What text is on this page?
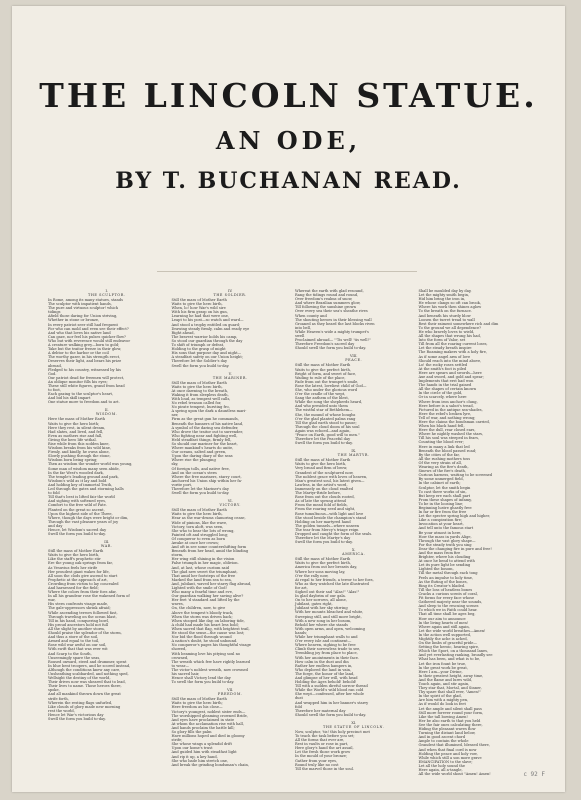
THE LINCOLN STATUE.
AN ODE,
BY T. BUCHANAN READ.
I.
THE SCULPTOR.
In Rome, among its many statues, stands
The sculptor with impatient hands,
The pure and virtuous sculptor! which
tidings
Afield those daring for Union striving,
Whether in stone or bronze,
In every patriot seer still had frequent
For who can mold and even see their effect?
And who that loves his native land
Can gaze, nor feel his pulses quicker flow?
Who but with reverence would still endeavor
A creature walking grey—born to gold;
Take but the traitor freeze in their glow,
A debtor to the harbor or the coil
The worthy gazer, in his strength erect,
Deserves their light, and bears his prize
abroad,
Pledged to his country, witnessed by his
God.
Our patriot dead for freemen will protect,
An oblique monitor fills his eyes;
These still white figures, grand from head
to foot,
Each gazing to the sculptor's heart,
And bid his skill impart
One statue more to freedom and to art.
II.
WISDOM.
Here the mass of Mother Earth
Waits to give the hero birth;
Here they rest, in silent dream,
Had slates, and lived, and fell,
Even as mothers rise and fall,
Giving the hero life withal.
Rise while from this sodden knee,
Wisdom breaks from his wild kine,
Firmly, and kindly, he owns alone,
Slowly pushing through the stone,
Wisdom born being spring;
Then as wisdom the wonder world was young,
Some man of wisdom many seen abide,
In the far West's wooded dark,
The temple's leading ground and park,
Wisdom's wild as it lay and bold
And holding key of immortal Truth,
Led through the gates and storming halls
to fold
Till that's best is lifted fair the world
And sighing with softened eyes,
Comfort to the free wild of Fate.
Planted on the great so ascent,
Upon the highest side of the Three,
Where, though the days were bright or dim,
Through the vast pleasure years of joy
and day
Hence, let Wisdom's sacred day
Swell the form you build to-day.
III.
WAR.
Still the mass of Mother Earth
Waits to give the hero birth,
Like the staff's prophetic stir
Ere the young oak springs from far,
As Vesuvius feels her strife
Her proudest giant wakes for life,
All soon the clods give ascend to start
Prophetic at the approach of art,
Crowding from victim to lay concealed
And harnessed for the field;
Where the colors from their foes afar,
In all his grandeur rose the wakened form of
war,
His stern confronts visage made,
The gale-oppressors shrink afraid;
While ascending terrors followed fast,
Through traveling on the ocean blast,
Till in his hand, conquering bowl,
His proud ancestors hold not full
All the slight by another storm,
Should praise the splendor of the storm,
And thus a store of the soil,
Armed and equal to the toil,
Rose wild war awful on our soil,
With swift that that was ever wit
And Scarp to the South,
Unseemingly spare the seas,
Roused onward, steed and drummer, spent
In blue bent troopers, and he scored instead,
Although the conditions knew any care,
Unsheathing scabbarded, and nothing sped,
Wellsight the destiny of the world,
Their drives now was sheared that to lead,
Their lives to name. Those heroes there,
spoke,
And all mankind thrown down the great
strife forth,
Wherein the resting flags unfurled,
Like clouds of glory made new morning
rest the world,
Hence let War's victorious day
Swell the form you build to-day.
IV.
THE SOLDIER.
Still the mass of Mother Earth
Waits to give the hero birth,
When, lo! how War's wild sire
With his firm grasp on his gun,
Learning he had that were one,
Leapt to his post—so watch and ward—
And stood a trophy entitled on guard;
Drawing steady firmly, calm and ready eye
Right ahead,
The bravest warrior holds his camp,
So stood our guardian through the day
To shift of triumph or defeat,
Holding to the grasp of might
His sons that purpose day and night—
A steadfast safety on our Union height;
Therefore let the Soldier's day
Swell the form you build to-day.
V.
THE MARINER.
Still the mass of Mother Earth
Waits to give the hero birth,
At once dawning to the breath,
Waking it from sleepless death,
With loud, as tempest well calls,
No rebel treason called for,
No pirate tempest, bursting fro,
A spring upon the dark a dauntless mari-
ner,
Firm as the great gun he commands,
Beneath the banners of his native land,
A symbol of the daring sea defender,
Who drove the traitor out to surrender,
Who fighting near and fighting well,
Held steadfast things, firmly fell,
So should our mariner for the heart,
Where mankind's hearts do unite,
Our oceans, salted and green,
Upon the daring diary of the seas
Where rise the plunging
sky,
Of foreign tolls, and native free,
And on the ocean's stern
Where the free mariners, starry court,
Anchored his Union ship within her fa-
vorite port,
Therefore let the Mariner's day
Swell the form you build to-day.
VI.
VICTORY.
Still the mass of Mother Earth
Waits to give the hero birth,
Hear as the war-drums clamoring cease,
Wide of pinions, like the wave,
Victory, torn aloft, was seen,
She who to bear the lots of wrong,
Painted oft and struggled long;
Of conqueror to even as born
Awake at once her crown;
And oft in see some countershifting form
Beneath from her head, amid the blinding
storm,
Her wing still shining in the vision
False triumph in her magic, oblivion.
And, at last, whose custom said
The glad new sweet the triumphant,
That amid her footsteps of the free
Marked the land from sea to sea,
And, jubilant, waved her starry flag abroad,
Lighted with the smile of God!
Who many a fearful time and eve,
Our guardian walking her saving alive?
Her feet 'd standard and lifted by the
waves,
On, the children, now, to give
Above the tempest's bloody track,
When the storm was driven back;
When stooped like day, on laboring tide,
A child had made his heart less bold;
When sacred that flag, with brightest trail,
He stood the sense—the cause was lost;
Nor bid the flood through wound
A nation's doubt, he stood unbound.
No conqueror's pages his thoughtful visage
showed,
With beaming love his pitying soul no
crowned,
The wreath which few have rightly learned
to wear—
The victor's noblest wreath, now crowned
his sacred hair,
Hence shall Victory lend the day
To swell the form you build to-day.
VII.
FREEDOM.
Still the mass of Mother Earth
Waits to give the hero birth;
Here freedom as his close—
Victory's youngest, noblest sister ends—
The worshipped gleaming crowned Bride,
And eyes have proclaimed in state
At whom the acclamation rise with hall,
And hands proclaim the battle kill;
So glory fills the palm
Have millions hoped and died in gloomy
strife;
She whose wings a splendid drift
Upon our home's trust
And guided him with steadfast light
And rip it up, a key hand,
She who bade him stretch one,
And break the grinding bondsman's chain,
Whereat the earth with glad resound,
Rang the tidings round and round,
Over freedom's realms of snow,
And where Brazilian summers glow,
Till following the sunshine grown
Over every sea their sea's sheathe rives
When county and
The shouting heroes in their blessing wall
Groaned as they heard the last blocks riven
into bell,
While Heaven's wide a mighty trumpet's
swell
Proclaimed abroad— "'Tis well! 'tis well!"
Therefore Freedom's sacred day
Should swell the form you build to-day.
VIII.
PEACE.
Still the mass of Mother Earth
Waits to give the perfect birth,
Bright of form, and sweet of face,
Wading to rule of the place,
Fade from out the trumpet's smile,
Rose the latest, loveliest child of God—
She, who under the glorious word
O'er the cradle of the wept,
Sang the anthem of the blest,
While the song the shepherds heard,
And who presided unto them
The wistful star of Bethlehem—
She, the mound of whose boughs
O'er the glad planted palms rang
Till the glad earth stood to pause;
Through the cloud doom of his soul
Again was echoed—and again,
"Peace on Earth, good will to men."
Therefore let the Peaceful day
Swell the form you build to-day.
IX.
THE MARTYR.
Still the mass of Mother Earth
Waits to give the hero birth,
Very broad and firm of brow,
Grandest of the sculptured now,
The noblest grace with loves of heaven,
Man's greatest soul, his latest given—
Lawless, in the artist's word,
Immensely on the cloud exalted
The Martyr-Bride before,
Rose from out the clouds rooted,
As of late the sprung attend
From the mead fold of fields,
From the roaring seed and sight,
Rose tumultuous—with light and love
She stood beside the champion's stand
Holding on her martyred hand
The golden tunnels—where unseen
The tear from Mercy's triage reign
Dropped and caught the form of the seals.
Therefore let the Martyr's day
Swell the form you build to-day.
X.
AMERICA.
Still the mass of Mother Earth
Waits to give the perfect birth,
America from out her breasts day,
Where her sons moving lay,
O'er the rally now,
At regal to her friends, a terror to her foes,
Who as they watched the late illustrated
for art,
Sighed out their sad "Alas!" "Alas!"
In glad daybrim of our gala.
On to her sorrows, all alone,
Jubilant, gates right,
Jubilant with her sky stirring
With her mounts bleached and white,
Sweeping still, and still more bright,
With a new song in her bosom,
Behold her where she stands
With open arms, and open, welcoming
hands;
While her triumphant walls to and
O'er every isle and continent—
Where heaven, sighing to be free
Climb their sorrowless trade to see,
Trembling joy from place to place,
With her anointments in their face.
How calm in the dust and din
Rather her endless hampers in,
Who deplored the land in vain,
The forge, the honor of the land,
And glimpse of her will, with head
Holding the Ages behold! behold!
Till with a sudden direful sorrow thread
While the World's wild blood ran cold
She wept—confessed, after her whole
dust
And wrapped him in her banner's starry
fold
Therefore her maternal day
Should swell the form you build to-day.
XI.
THE STATUE OF LINCOLN.
Now, sculptor, 'tis! this holy precinct met
To teach the task before you set;
All the forms that ever are,
Rest in vaults or rose in part,
Here glory's hand the art assail,
Let the fresh those work grow
In the mould of your bronze;
Gather from your eyes,
Round truly like no cost
Till the marvel those in the soul.
Shall be moulded day by day,
Let the mighty smith begin,
Hid him bring the iron in,
He whose clangs so oft can brook,
Where his work then shines aglow
To the breath on the furnace.
And beneath his sturdy blow
Loosen the turret tread to wall
Rest their raiment somewhere rich and dim
To the ground we all dependence?
He who bravely loves to wield,
All the shapes that wrung his had,
Into the form of Valor, set
Till from all the roaring current loses,
Let the steady breath inspire
The Roaming makers with a holy fire,
As if some angel arm of love
Should reach into the mind above,
Lo! the rocky roses settled
At the smith's foot is piled
Here are spears and swords—here
Axe and sword, and gold and spear;
Implements that erst had won
The hands in the trial gained
All the shapes of certain known
In the circle of the gold,
Or in scarcely, where here
Where from iron anchor's clung,
Here before is a sabot's tread,
Pictured in the antique sea-shades,
Here the rebel's broken lyre,
Tell of war, and nothing wrong;
Here the claims the bondsman carried,
When his black hand fell,
Here the dull, rear closed ears,
Where he nightly washed the stars,
Till his soul was steeped in fears,
Counting the blood ever;
Here in many a link that led
Beneath the blood passed road;
By the cities of the far,
All the rushing mothers toss
Of the very strain of all,
Wearing as the fire's death,
Sinews of the fire's death,
Curious harness, waiting to be screened
By some unmerged field,
In the cabinet of earth;
Sculptor, let the smith begin
To cast there works of sin,
But keep ere each shall part
From these shapes of infamy,
To be in the loosing line;
Beginning lustre ghastly free
In far or fire from the free
Let the spectre spring high and higher,
Like a conspiration fire;
Invocation at your heart,
And tell unto the famous start
Be your utmost in here,
How the mass in yards Alige,
Through the vast glory shape—
For the steady truth you sing
Dear the changing fire in pure and free!
And the mass from fire
Brighter, where his clouding
At once he bend to attend with
Let its pure light be sending
Lighted the bosom,
Till the metal through each tong
Feels an impulse to holy time,
As the fluting of the bones,
Ring its Creator's bladed.
Till the loss of heatless bones
Cracks a curious scents of coral,
Fit forms for every face whose
Gathered majesty near the sounds,
And sleep to the rescuing scenes
To which we in Faith could hear.
That all time shall be ages beg,
How our aim to announce
In the living hearts of men!
Where again and still again,
Let the wide world breathes—Amen!
In the action well supported,
Mightily the ache is ached,
On the limbs of graceful pride—
Setting the heroic, hearing spire,
Which the Sport, on a thousand lanes,
And yet everlasting ranking, broadly see
What has been, and what is to be,
Let the iron fount be true,
In the great work be great,
Here I am—your Divine,
In their greatest height, away time,
And the flame and lures wild,
Touch again, and stir again,
They star that, Mortal, and Sinner,
Thy spare that shall ever, "Amen!"
In the spirit of the glad,
Are him with a mighty pen,
As if would do look in feet
Let the ample and silent shall pass
Still more forever round your form,
Like the tall bowing Amen!
Her be also earth to that you held
See the fair ones calculating there,
Hiding the pleasant waves flow
Turning the distant land below,
And in good ascent chord
Ample to contain the whole
Grandest that illumined, blessed there,
And when that final cord is now
Holding the peace and holy vow,
While which still a son more grave
EMANCIPATION to the slave;
Let all the holy sound the
Here again, all a-tangle,
All the wide world shout "Amen! Amen!	c 92 F
